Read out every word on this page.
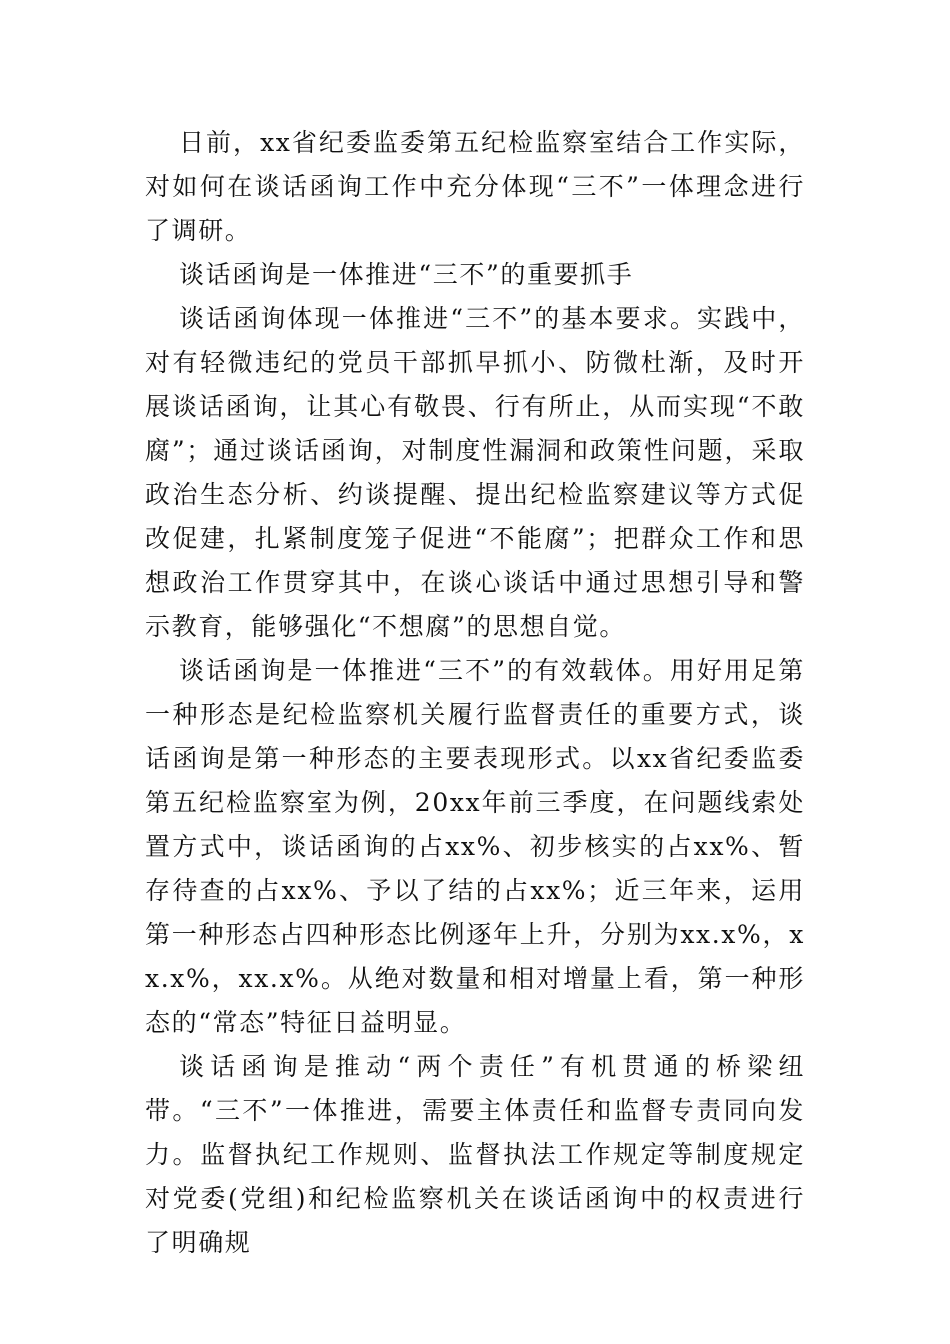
日前，xx省纪委监委第五纪检监察室结合工作实际，对如何在谈话函询工作中充分体现“三不”一体理念进行了调研。

谈话函询是一体推进“三不”的重要抓手

谈话函询体现一体推进“三不”的基本要求。实践中，对有轻微违纪的党员干部抓早抓小、防微杜渐，及时开展谈话函询，让其心有敬畏、行有所止，从而实现“不敢腐”；通过谈话函询，对制度性漏洞和政策性问题，采取政治生态分析、约谈提醒、提出纪检监察建议等方式促改促建，扎紧制度笼子促进“不能腐”；把群众工作和思想政治工作贯穿其中，在谈心谈话中通过思想引导和警示教育，能够强化“不想腐”的思想自觉。

谈话函询是一体推进“三不”的有效载体。用好用足第一种形态是纪检监察机关履行监督责任的重要方式，谈话函询是第一种形态的主要表现形式。以xx省纪委监委第五纪检监察室为例，20xx年前三季度，在问题线索处置方式中，谈话函询的占xx%、初步核实的占xx%、暂存待查的占xx%、予以了结的占xx%；近三年来，运用第一种形态占四种形态比例逐年上升，分别为xx.x%，xx.x%，xx.x%。从绝对数量和相对增量上看，第一种形态的“常态”特征日益明显。

谈话函询是推动“两个责任”有机贯通的桥梁纽带。“三不”一体推进，需要主体责任和监督专责同向发力。监督执纪工作规则、监督执法工作规定等制度规定对党委(党组)和纪检监察机关在谈话函询中的权责进行了明确规
